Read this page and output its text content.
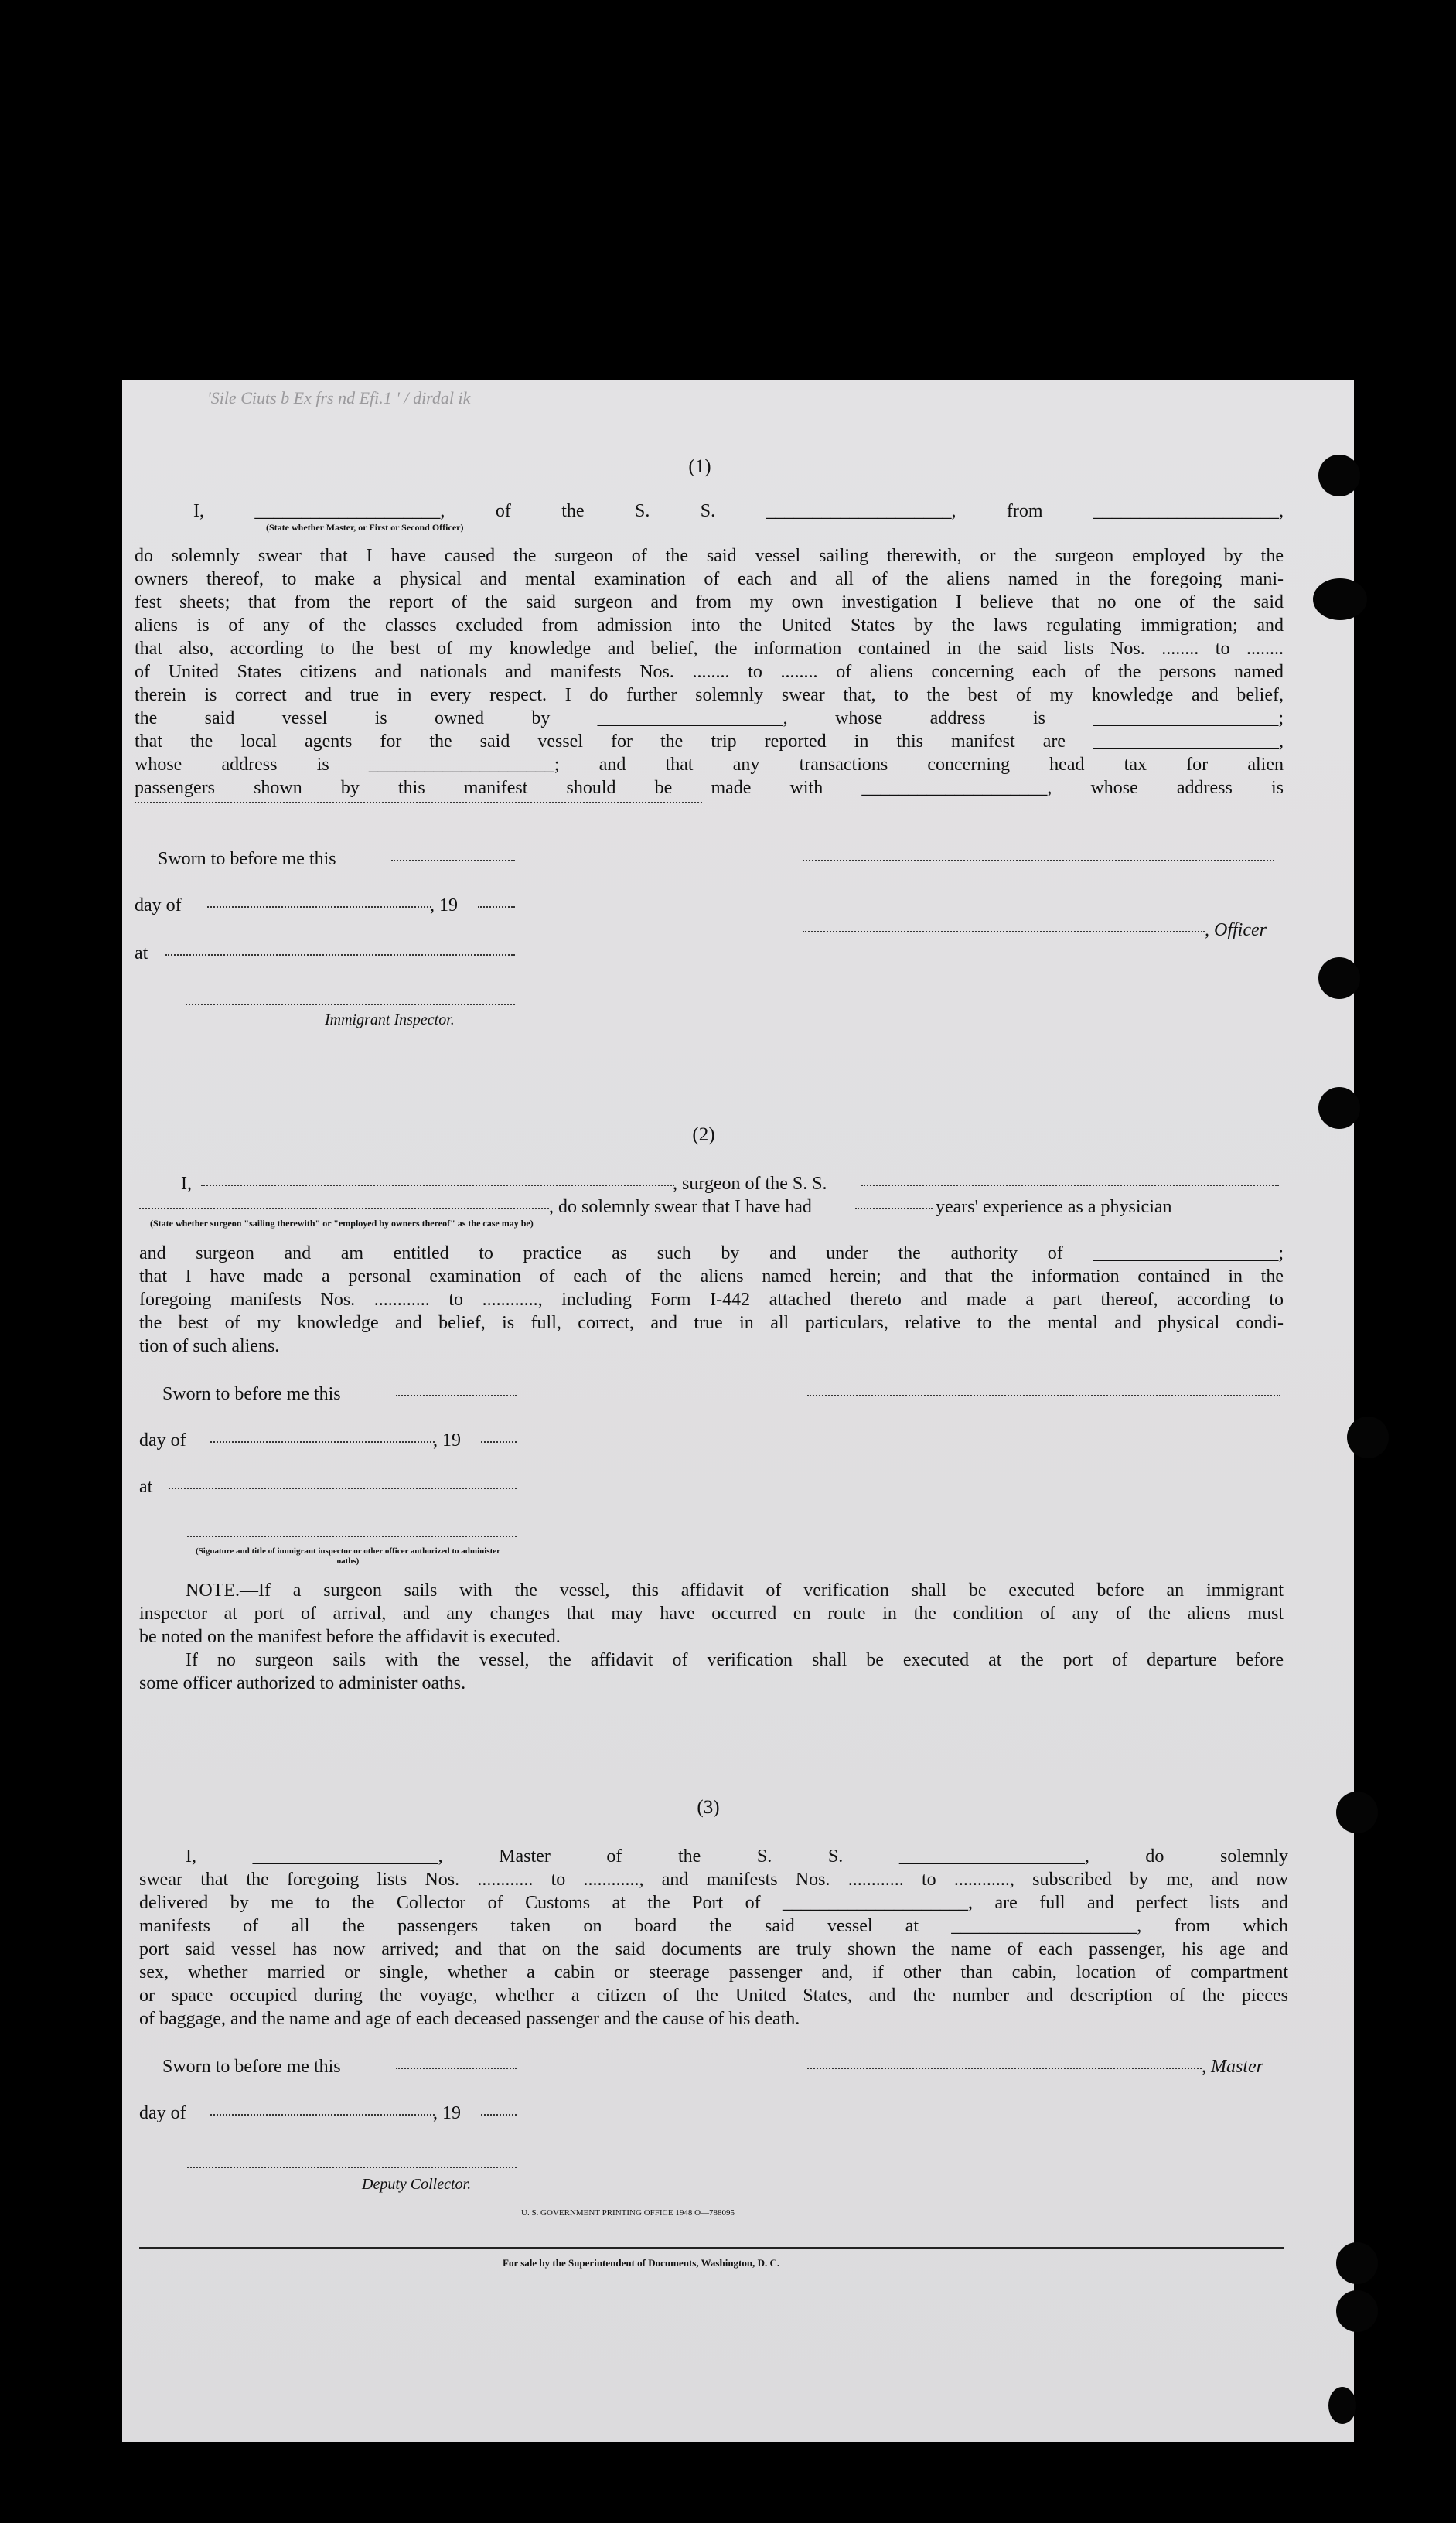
'Sile Ciuts b Ex frs nd Efi.1 ' / dirdal ik
(1)
I, ____________________, of the S. S. ____________________, from ____________________,
(State whether Master, or First or Second Officer)
do solemnly swear that I have caused the surgeon of the said vessel sailing therewith, or the surgeon employed by the
owners thereof, to make a physical and mental examination of each and all of the aliens named in the foregoing mani-
fest sheets; that from the report of the said surgeon and from my own investigation I believe that no one of the said
aliens is of any of the classes excluded from admission into the United States by the laws regulating immigration; and
that also, according to the best of my knowledge and belief, the information contained in the said lists Nos. ........ to ........
of United States citizens and nationals and manifests Nos. ........ to ........ of aliens concerning each of the persons named
therein is correct and true in every respect. I do further solemnly swear that, to the best of my knowledge and belief,
the said vessel is owned by ____________________, whose address is ____________________;
that the local agents for the said vessel for the trip reported in this manifest are ____________________,
whose address is ____________________; and that any transactions concerning head tax for alien
passengers shown by this manifest should be made with ____________________, whose address is
Sworn to before me this
day of	, 19
, Officer
at
Immigrant Inspector.
(2)
I,	, surgeon of the S. S.
, do solemnly swear that I have had	years' experience as a physician
(State whether surgeon "sailing therewith" or "employed by owners thereof" as the case may be)
and surgeon and am entitled to practice as such by and under the authority of ____________________;
that I have made a personal examination of each of the aliens named herein; and that the information contained in the
foregoing manifests Nos. ............ to ............, including Form I-442 attached thereto and made a part thereof, according to
the best of my knowledge and belief, is full, correct, and true in all particulars, relative to the mental and physical condi-
tion of such aliens.
Sworn to before me this
day of	, 19
at
(Signature and title of immigrant inspector or other officer authorized to administer oaths)
NOTE.—If a surgeon sails with the vessel, this affidavit of verification shall be executed before an immigrant
inspector at port of arrival, and any changes that may have occurred en route in the condition of any of the aliens must
be noted on the manifest before the affidavit is executed.
If no surgeon sails with the vessel, the affidavit of verification shall be executed at the port of departure before
some officer authorized to administer oaths.
(3)
I, ____________________, Master of the S. S. ____________________, do solemnly
swear that the foregoing lists Nos. ............ to ............, and manifests Nos. ............ to ............, subscribed by me, and now
delivered by me to the Collector of Customs at the Port of ____________________, are full and perfect lists and
manifests of all the passengers taken on board the said vessel at ____________________, from which
port said vessel has now arrived; and that on the said documents are truly shown the name of each passenger, his age and
sex, whether married or single, whether a cabin or steerage passenger and, if other than cabin, location of compartment
or space occupied during the voyage, whether a citizen of the United States, and the number and description of the pieces
of baggage, and the name and age of each deceased passenger and the cause of his death.
Sworn to before me this	, Master
day of	, 19
Deputy Collector.
U. S. GOVERNMENT PRINTING OFFICE 1948 O—788095
For sale by the Superintendent of Documents, Washington, D. C.
–
